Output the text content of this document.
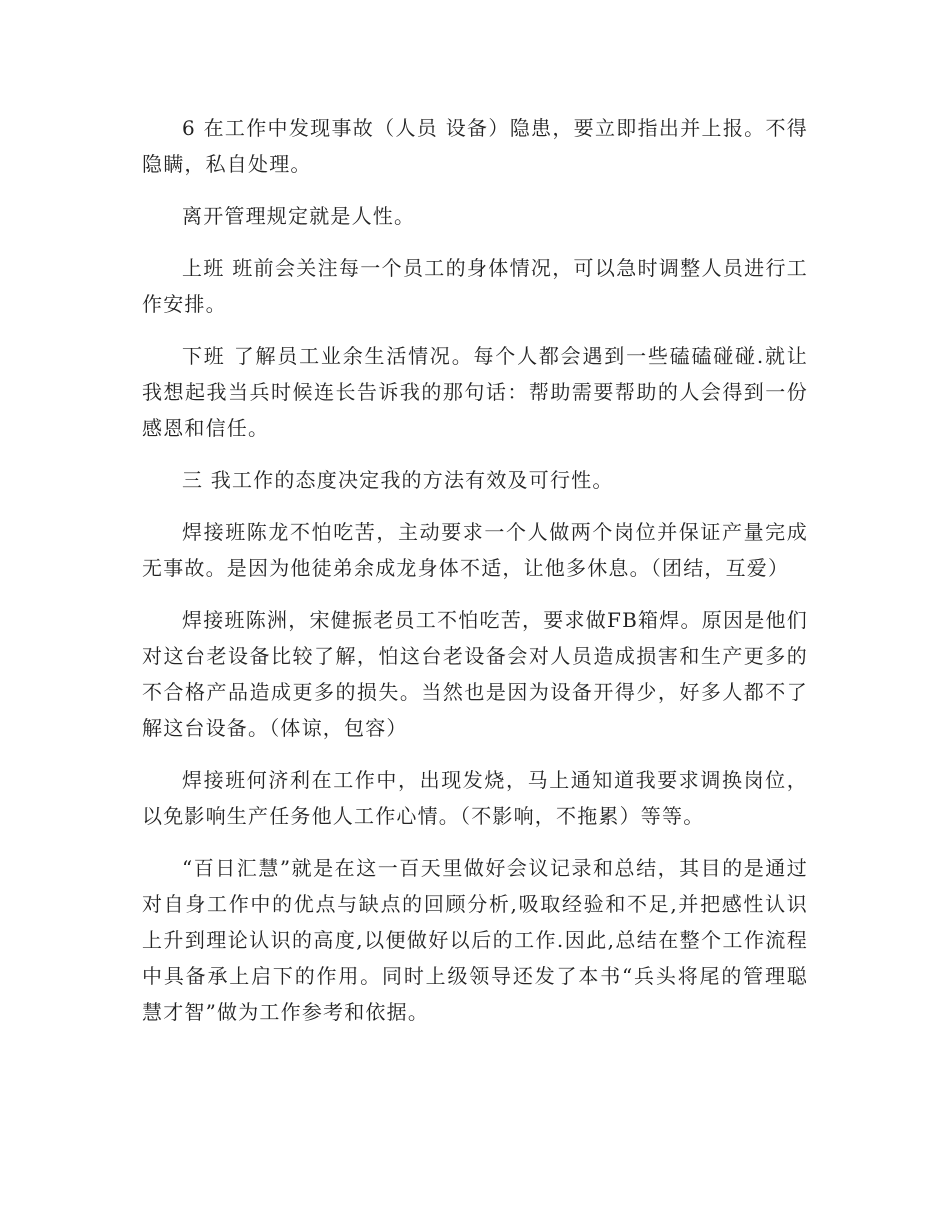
6 在工作中发现事故（人员 设备）隐患，要立即指出并上报。不得隐瞒，私自处理。

离开管理规定就是人性。

上班 班前会关注每一个员工的身体情况，可以急时调整人员进行工作安排。

下班 了解员工业余生活情况。每个人都会遇到一些磕磕碰碰.就让我想起我当兵时候连长告诉我的那句话：帮助需要帮助的人会得到一份感恩和信任。

三 我工作的态度决定我的方法有效及可行性。

焊接班陈龙不怕吃苦，主动要求一个人做两个岗位并保证产量完成无事故。是因为他徒弟余成龙身体不适，让他多休息。（团结，互爱）

焊接班陈洲，宋健振老员工不怕吃苦，要求做FB箱焊。原因是他们对这台老设备比较了解，怕这台老设备会对人员造成损害和生产更多的不合格产品造成更多的损失。当然也是因为设备开得少，好多人都不了解这台设备。（体谅，包容）

焊接班何济利在工作中，出现发烧，马上通知道我要求调换岗位，以免影响生产任务他人工作心情。（不影响，不拖累）等等。

“百日汇慧”就是在这一百天里做好会议记录和总结，其目的是通过对自身工作中的优点与缺点的回顾分析,吸取经验和不足,并把感性认识上升到理论认识的高度,以便做好以后的工作.因此,总结在整个工作流程中具备承上启下的作用。同时上级领导还发了本书“兵头将尾的管理聪慧才智”做为工作参考和依据。
